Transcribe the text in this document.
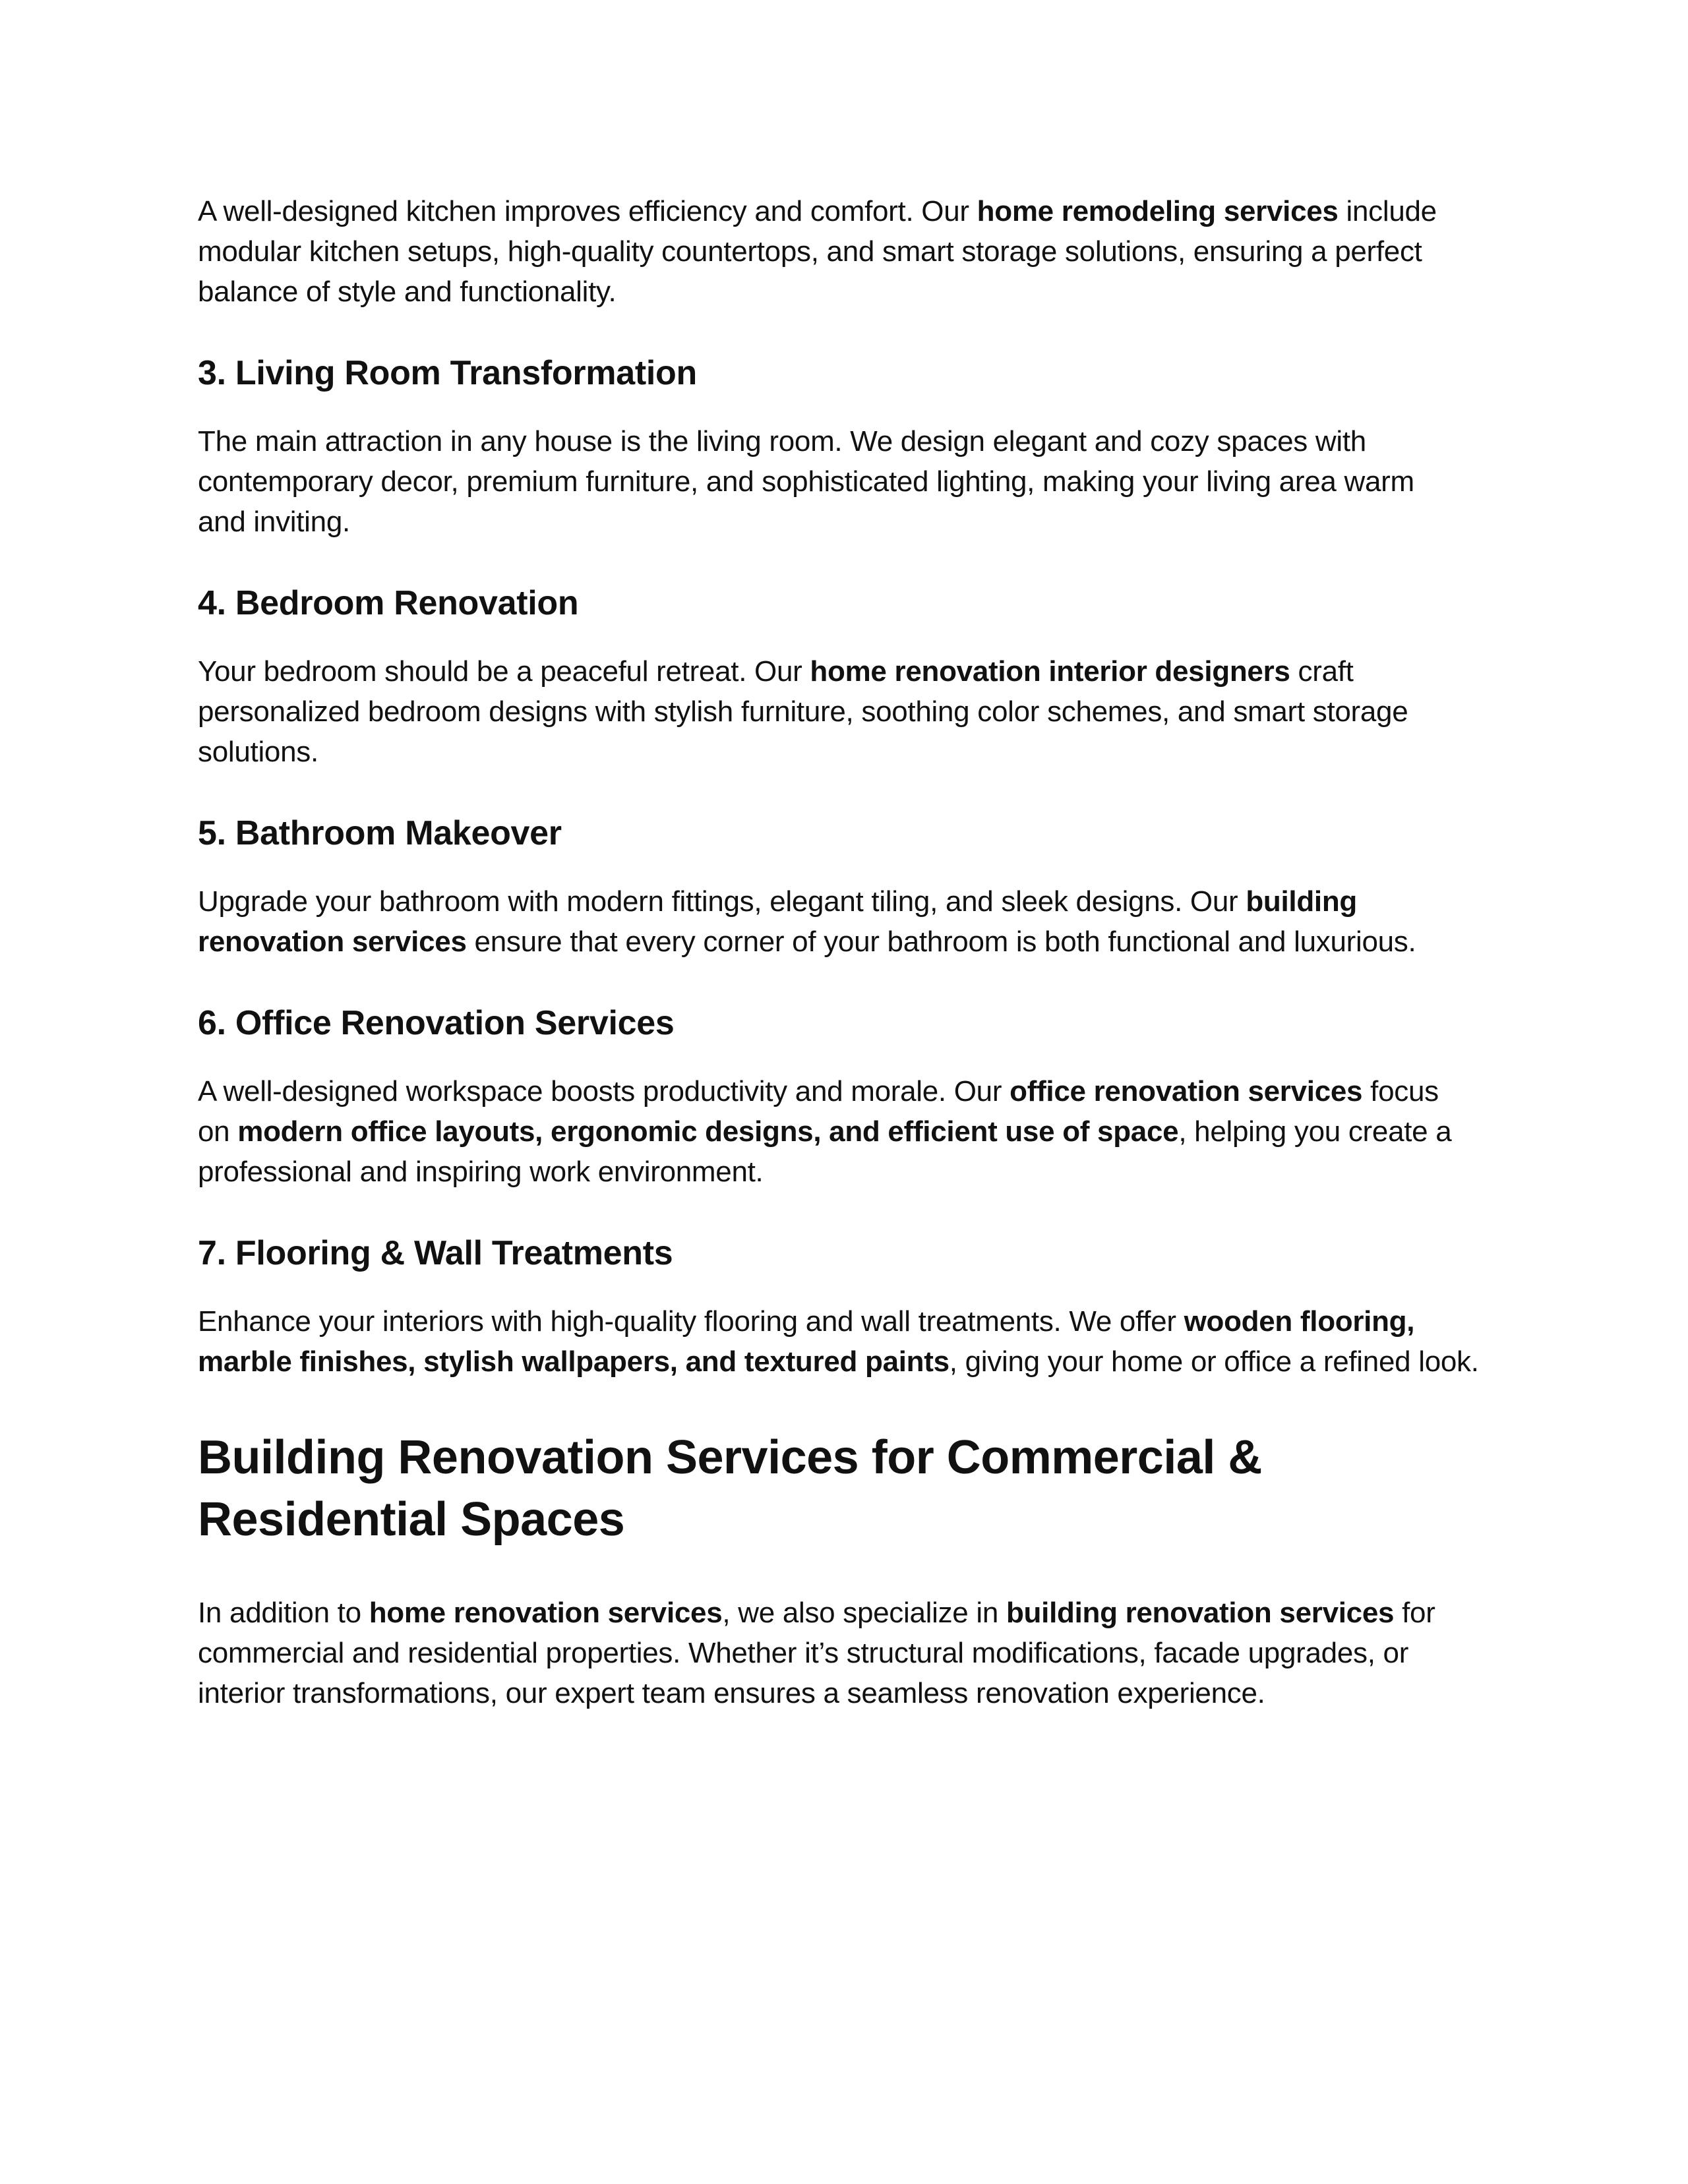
A well-designed kitchen improves efficiency and comfort. Our home remodeling services include modular kitchen setups, high-quality countertops, and smart storage solutions, ensuring a perfect balance of style and functionality.

3. Living Room Transformation

The main attraction in any house is the living room. We design elegant and cozy spaces with contemporary decor, premium furniture, and sophisticated lighting, making your living area warm and inviting.

4. Bedroom Renovation

Your bedroom should be a peaceful retreat. Our home renovation interior designers craft personalized bedroom designs with stylish furniture, soothing color schemes, and smart storage solutions.

5. Bathroom Makeover

Upgrade your bathroom with modern fittings, elegant tiling, and sleek designs. Our building renovation services ensure that every corner of your bathroom is both functional and luxurious.

6. Office Renovation Services

A well-designed workspace boosts productivity and morale. Our office renovation services focus on modern office layouts, ergonomic designs, and efficient use of space, helping you create a professional and inspiring work environment.

7. Flooring & Wall Treatments

Enhance your interiors with high-quality flooring and wall treatments. We offer wooden flooring, marble finishes, stylish wallpapers, and textured paints, giving your home or office a refined look.

Building Renovation Services for Commercial & Residential Spaces

In addition to home renovation services, we also specialize in building renovation services for commercial and residential properties. Whether it’s structural modifications, facade upgrades, or interior transformations, our expert team ensures a seamless renovation experience.
